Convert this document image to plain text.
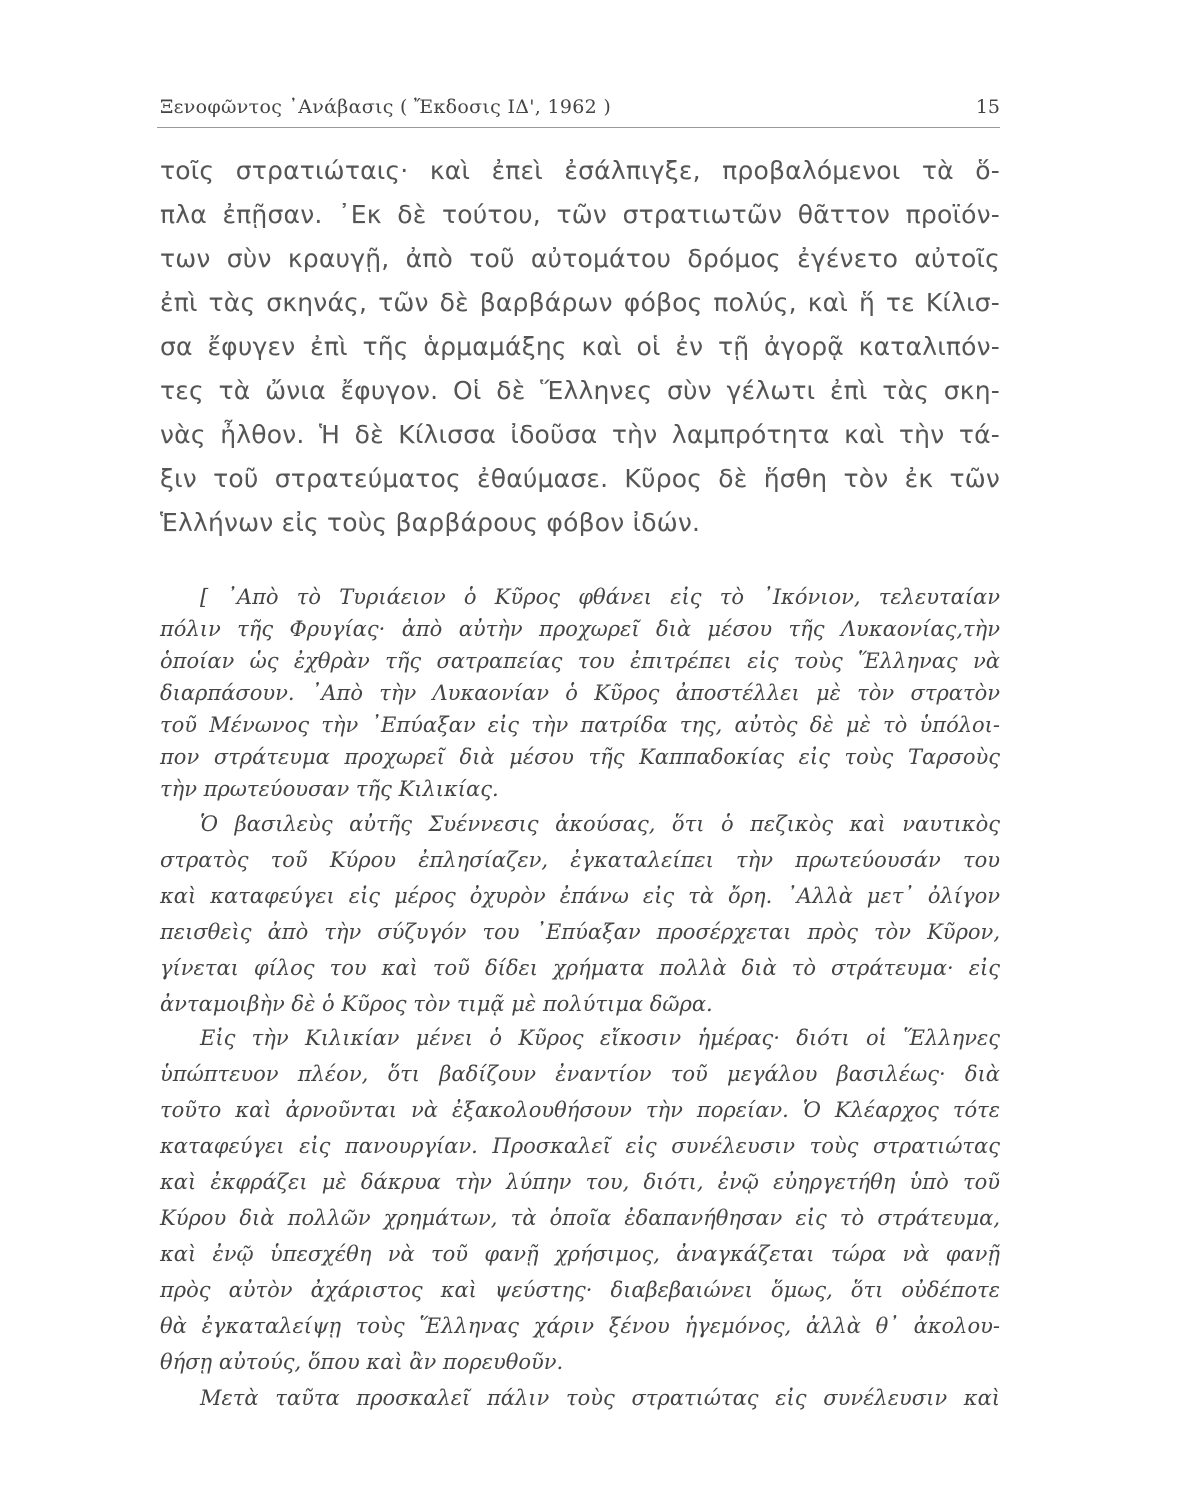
Ξενοφῶντος ᾿Ανάβασις ( Ἔκδοσις ΙΔ', 1962 )	15
τοῖς στρατιώταις· καὶ ἐπεὶ ἐσάλπιγξε, προβαλόμενοι τὰ ὅ-
πλα ἐπῇσαν. ᾿Εκ δὲ τούτου, τῶν στρατιωτῶν θᾶττον προϊόν-
των σὺν κραυγῇ, ἀπὸ τοῦ αὐτομάτου δρόμος ἐγένετο αὐτοῖς
ἐπὶ τὰς σκηνάς, τῶν δὲ βαρβάρων φόβος πολύς, καὶ ἥ τε Κίλισ-
σα ἔφυγεν ἐπὶ τῆς ἁρμαμάξης καὶ οἱ ἐν τῇ ἀγορᾷ καταλιπόν-
τες τὰ ὤνια ἔφυγον. Οἱ δὲ Ἕλληνες σὺν γέλωτι ἐπὶ τὰς σκη-
νὰς ἦλθον. Ἡ δὲ Κίλισσα ἰδοῦσα τὴν λαμπρότητα καὶ τὴν τά-
ξιν τοῦ στρατεύματος ἐθαύμασε. Κῦρος δὲ ἥσθη τὸν ἐκ τῶν
Ἑλλήνων εἰς τοὺς βαρβάρους φόβον ἰδών.
[ ᾿Απὸ τὸ Τυριάειον ὁ Κῦρος φθάνει εἰς τὸ ᾿Ικόνιον, τελευταίαν
πόλιν τῆς Φρυγίας· ἀπὸ αὐτὴν προχωρεῖ διὰ μέσου τῆς Λυκαονίας,τὴν
ὁποίαν ὡς ἐχθρὰν τῆς σατραπείας του ἐπιτρέπει εἰς τοὺς Ἕλληνας νὰ
διαρπάσουν. ᾿Απὸ τὴν Λυκαονίαν ὁ Κῦρος ἀποστέλλει μὲ τὸν στρατὸν
τοῦ Μένωνος τὴν ᾿Επύαξαν εἰς τὴν πατρίδα της, αὐτὸς δὲ μὲ τὸ ὑπόλοι-
πον στράτευμα προχωρεῖ διὰ μέσου τῆς Καππαδοκίας εἰς τοὺς Ταρσοὺς
τὴν πρωτεύουσαν τῆς Κιλικίας.
Ὁ βασιλεὺς αὐτῆς Συέννεσις ἀκούσας, ὅτι ὁ πεζικὸς καὶ ναυτικὸς
στρατὸς τοῦ Κύρου ἐπλησίαζεν, ἐγκαταλείπει τὴν πρωτεύουσάν του
καὶ καταφεύγει εἰς μέρος ὀχυρὸν ἐπάνω εἰς τὰ ὄρη. ᾿Αλλὰ μετ᾿ ὀλίγον
πεισθεὶς ἀπὸ τὴν σύζυγόν του ᾿Επύαξαν προσέρχεται πρὸς τὸν Κῦρον,
γίνεται φίλος του καὶ τοῦ δίδει χρήματα πολλὰ διὰ τὸ στράτευμα· εἰς
ἀνταμοιβὴν δὲ ὁ Κῦρος τὸν τιμᾷ μὲ πολύτιμα δῶρα.
Εἰς τὴν Κιλικίαν μένει ὁ Κῦρος εἴκοσιν ἡμέρας· διότι οἱ Ἕλληνες
ὑπώπτευον πλέον, ὅτι βαδίζουν ἐναντίον τοῦ μεγάλου βασιλέως· διὰ
τοῦτο καὶ ἀρνοῦνται νὰ ἐξακολουθήσουν τὴν πορείαν. Ὁ Κλέαρχος τότε
καταφεύγει εἰς πανουργίαν. Προσκαλεῖ εἰς συνέλευσιν τοὺς στρατιώτας
καὶ ἐκφράζει μὲ δάκρυα τὴν λύπην του, διότι, ἐνῷ εὐηργετήθη ὑπὸ τοῦ
Κύρου διὰ πολλῶν χρημάτων, τὰ ὁποῖα ἐδαπανήθησαν εἰς τὸ στράτευμα,
καὶ ἐνῷ ὑπεσχέθη νὰ τοῦ φανῇ χρήσιμος, ἀναγκάζεται τώρα νὰ φανῇ
πρὸς αὐτὸν ἀχάριστος καὶ ψεύστης· διαβεβαιώνει ὅμως, ὅτι οὐδέποτε
θὰ ἐγκαταλείψῃ τοὺς Ἕλληνας χάριν ξένου ἡγεμόνος, ἀλλὰ θ᾿ ἀκολου-
θήσῃ αὐτούς, ὅπου καὶ ἂν πορευθοῦν.
Μετὰ ταῦτα προσκαλεῖ πάλιν τοὺς στρατιώτας εἰς συνέλευσιν καὶ
